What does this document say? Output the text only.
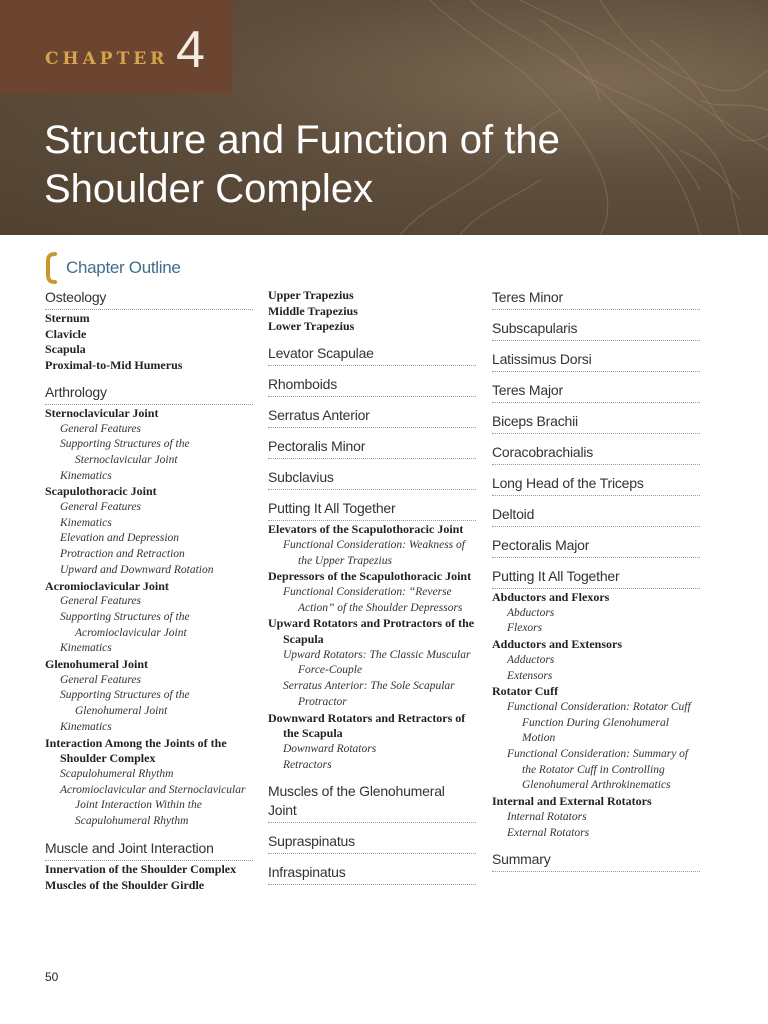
CHAPTER 4
Structure and Function of the Shoulder Complex
Chapter Outline
Osteology
Sternum
Clavicle
Scapula
Proximal-to-Mid Humerus
Arthrology
Sternoclavicular Joint
General Features
Supporting Structures of the Sternoclavicular Joint
Kinematics
Scapulothoracic Joint
General Features
Kinematics
Elevation and Depression
Protraction and Retraction
Upward and Downward Rotation
Acromioclavicular Joint
General Features
Supporting Structures of the Acromioclavicular Joint
Kinematics
Glenohumeral Joint
General Features
Supporting Structures of the Glenohumeral Joint
Kinematics
Interaction Among the Joints of the Shoulder Complex
Scapulohumeral Rhythm
Acromioclavicular and Sternoclavicular Joint Interaction Within the Scapulohumeral Rhythm
Muscle and Joint Interaction
Innervation of the Shoulder Complex
Muscles of the Shoulder Girdle
Upper Trapezius
Middle Trapezius
Lower Trapezius
Levator Scapulae
Rhomboids
Serratus Anterior
Pectoralis Minor
Subclavius
Putting It All Together
Elevators of the Scapulothoracic Joint
Functional Consideration: Weakness of the Upper Trapezius
Depressors of the Scapulothoracic Joint
Functional Consideration: “Reverse Action” of the Shoulder Depressors
Upward Rotators and Protractors of the Scapula
Upward Rotators: The Classic Muscular Force-Couple
Serratus Anterior: The Sole Scapular Protractor
Downward Rotators and Retractors of the Scapula
Downward Rotators
Retractors
Muscles of the Glenohumeral Joint
Supraspinatus
Infraspinatus
Teres Minor
Subscapularis
Latissimus Dorsi
Teres Major
Biceps Brachii
Coracobrachialis
Long Head of the Triceps
Deltoid
Pectoralis Major
Putting It All Together
Abductors and Flexors
Abductors
Flexors
Adductors and Extensors
Adductors
Extensors
Rotator Cuff
Functional Consideration: Rotator Cuff Function During Glenohumeral Motion
Functional Consideration: Summary of the Rotator Cuff in Controlling Glenohumeral Arthrokinematics
Internal and External Rotators
Internal Rotators
External Rotators
Summary
50
